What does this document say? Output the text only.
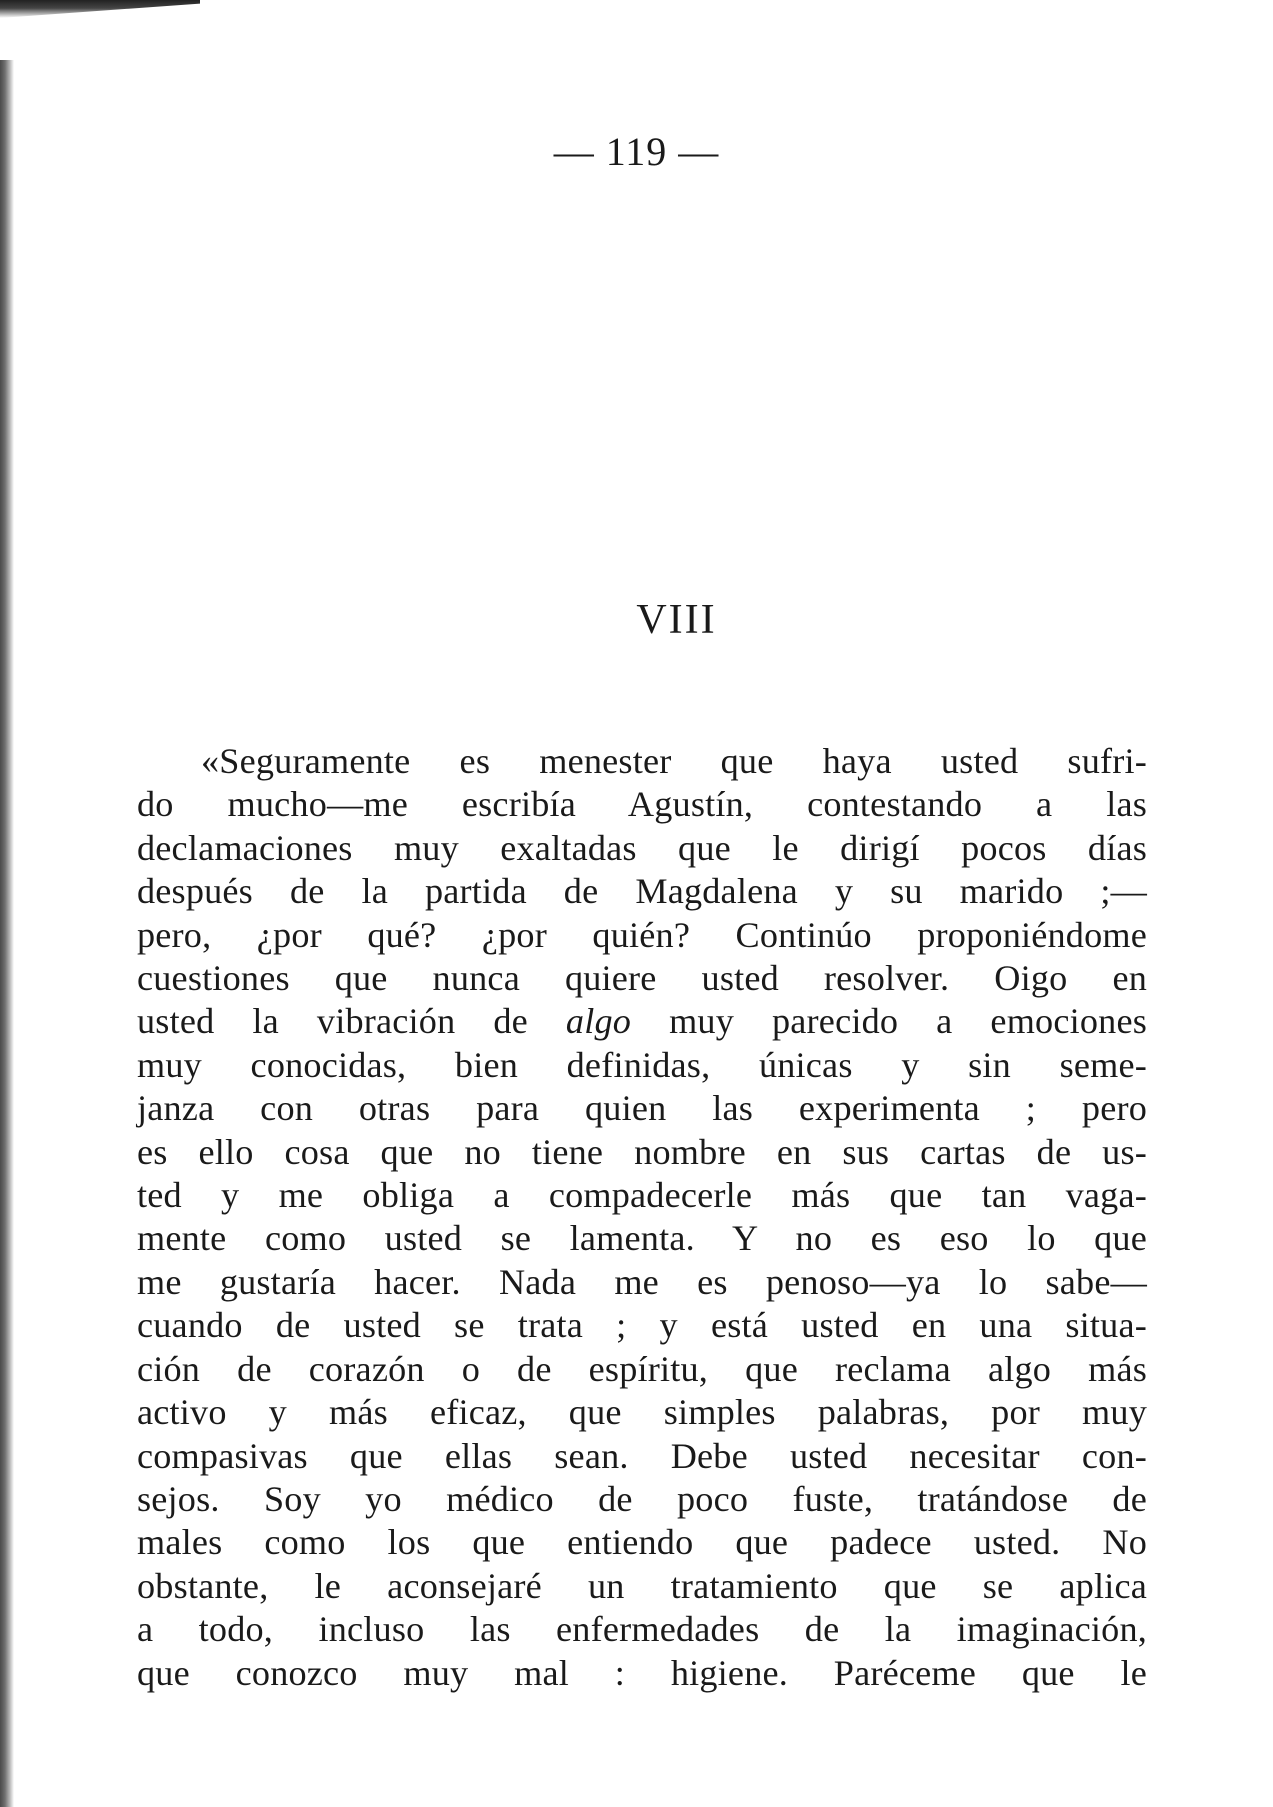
— 119 —
VIII
«Seguramente es menester que haya usted sufri-
do mucho—me escribía Agustín, contestando a las
declamaciones muy exaltadas que le dirigí pocos días
después de la partida de Magdalena y su marido ;—
pero, ¿por qué? ¿por quién? Continúo proponiéndome
cuestiones que nunca quiere usted resolver. Oigo en
usted la vibración de algo muy parecido a emociones
muy conocidas, bien definidas, únicas y sin seme-
janza con otras para quien las experimenta ; pero
es ello cosa que no tiene nombre en sus cartas de us-
ted y me obliga a compadecerle más que tan vaga-
mente como usted se lamenta. Y no es eso lo que
me gustaría hacer. Nada me es penoso—ya lo sabe—
cuando de usted se trata ; y está usted en una situa-
ción de corazón o de espíritu, que reclama algo más
activo y más eficaz, que simples palabras, por muy
compasivas que ellas sean. Debe usted necesitar con-
sejos. Soy yo médico de poco fuste, tratándose de
males como los que entiendo que padece usted. No
obstante, le aconsejaré un tratamiento que se aplica
a todo, incluso las enfermedades de la imaginación,
que conozco muy mal : higiene. Paréceme que le
